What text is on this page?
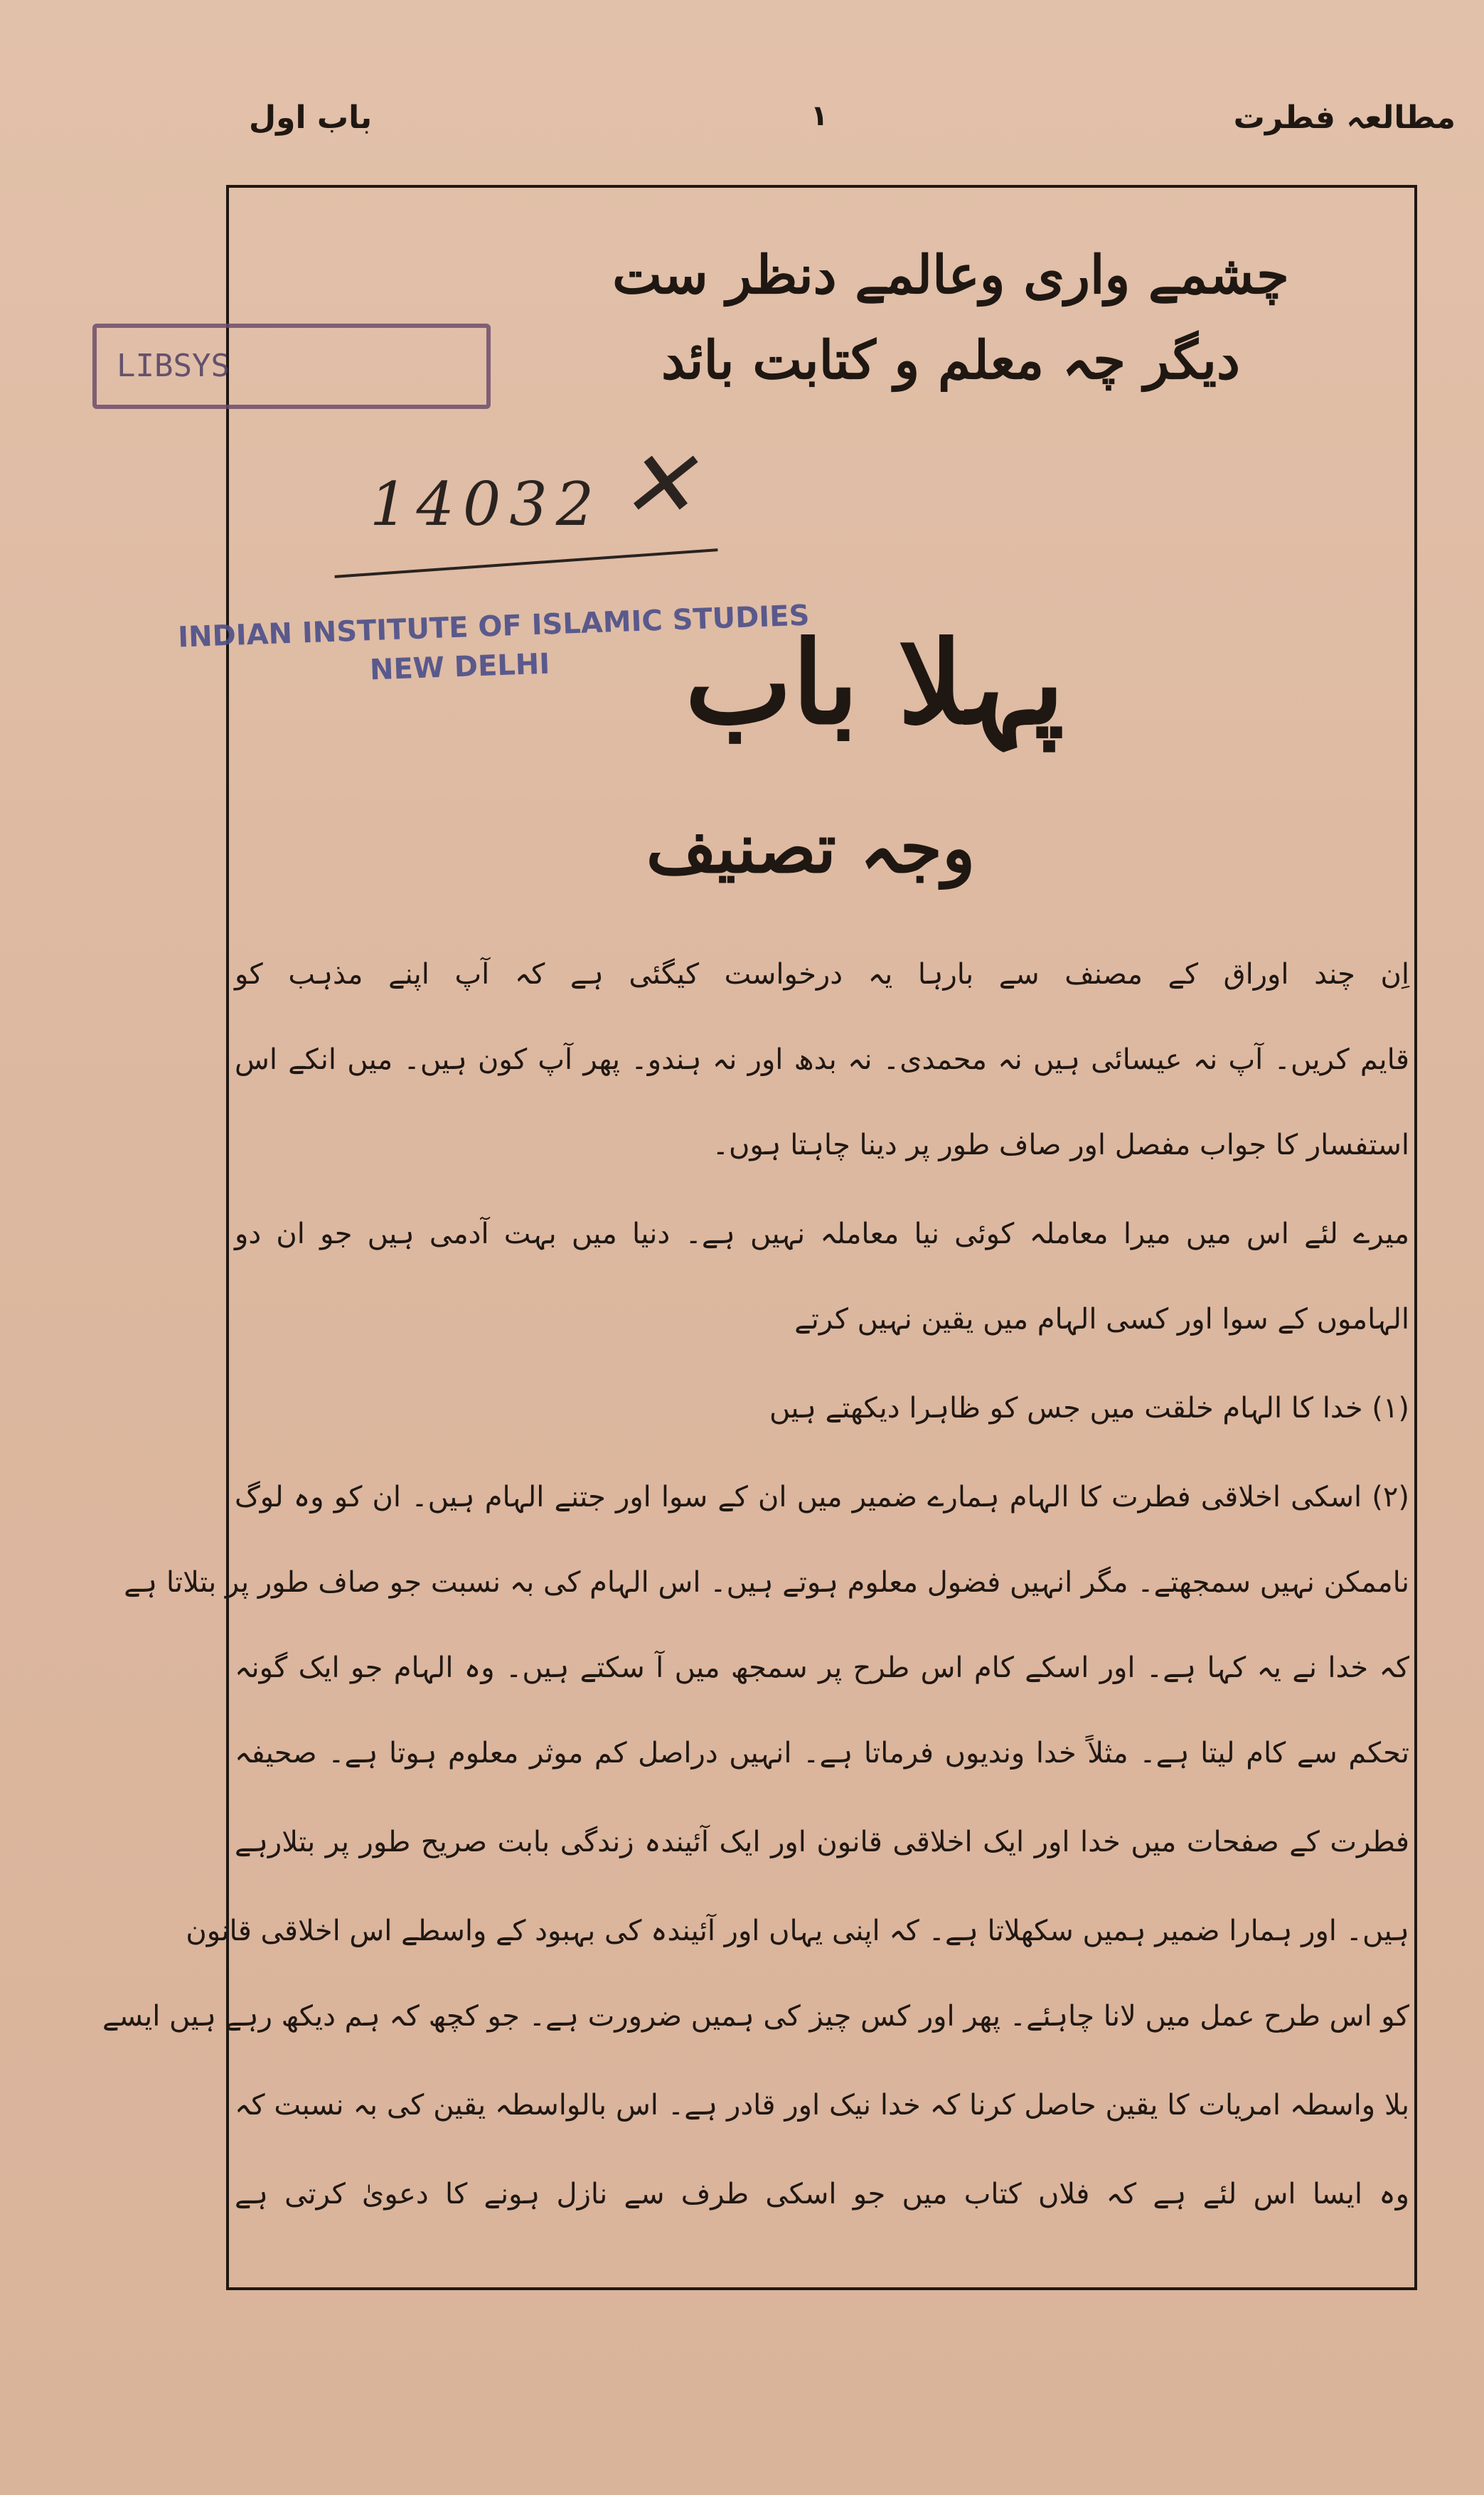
باب اول	۱	مطالعہ فطرت
چشمے واری وعالمے دنظر ست
دیگر چہ معلم و کتابت بائد
LIBSYS
14032 ✕
INDIAN INSTITUTE OF ISLAMIC STUDIES
NEW DELHI	پہلا باب
وجہ تصنیف
اِن چند اوراق کے مصنف سے بارہا یہ درخواست کیگئی ہے کہ آپ اپنے مذہب کو
قایم کریں۔ آپ نہ عیسائی ہیں نہ محمدی۔ نہ بدھ اور نہ ہندو۔ پھر آپ کون ہیں۔ میں انکے اس
استفسار کا جواب مفصل اور صاف طور پر دینا چاہتا ہوں۔
میرے لئے اس میں میرا معاملہ کوئی نیا معاملہ نہیں ہے۔ دنیا میں بہت آدمی ہیں جو ان دو
الہاموں کے سوا اور کسی الہام میں یقین نہیں کرتے
(۱) خدا کا الہام خلقت میں جس کو ظاہرا دیکھتے ہیں
(۲) اسکی اخلاقی فطرت کا الہام ہمارے ضمیر میں ان کے سوا اور جتنے الہام ہیں۔ ان کو وہ لوگ
ناممکن نہیں سمجھتے۔ مگر انہیں فضول معلوم ہوتے ہیں۔ اس الہام کی بہ نسبت جو صاف طور پر بتلاتا ہے
کہ خدا نے یہ کہا ہے۔ اور اسکے کام اس طرح پر سمجھ میں آ سکتے ہیں۔ وہ الہام جو ایک گونہ
تحکم سے کام لیتا ہے۔ مثلاً خدا وندیوں فرماتا ہے۔ انہیں دراصل کم موثر معلوم ہوتا ہے۔ صحیفہ
فطرت کے صفحات میں خدا اور ایک اخلاقی قانون اور ایک آئیندہ زندگی بابت صریح طور پر بتلارہے
ہیں۔ اور ہمارا ضمیر ہمیں سکھلاتا ہے۔ کہ اپنی یہاں اور آئیندہ کی بہبود کے واسطے اس اخلاقی قانون
کو اس طرح عمل میں لانا چاہئے۔ پھر اور کس چیز کی ہمیں ضرورت ہے۔ جو کچھ کہ ہم دیکھ رہے ہیں ایسے
بلا واسطہ امریات کا یقین حاصل کرنا کہ خدا نیک اور قادر ہے۔ اس بالواسطہ یقین کی بہ نسبت کہ
وہ ایسا اس لئے ہے کہ فلاں کتاب میں جو اسکی طرف سے نازل ہونے کا دعویٰ کرتی ہے
